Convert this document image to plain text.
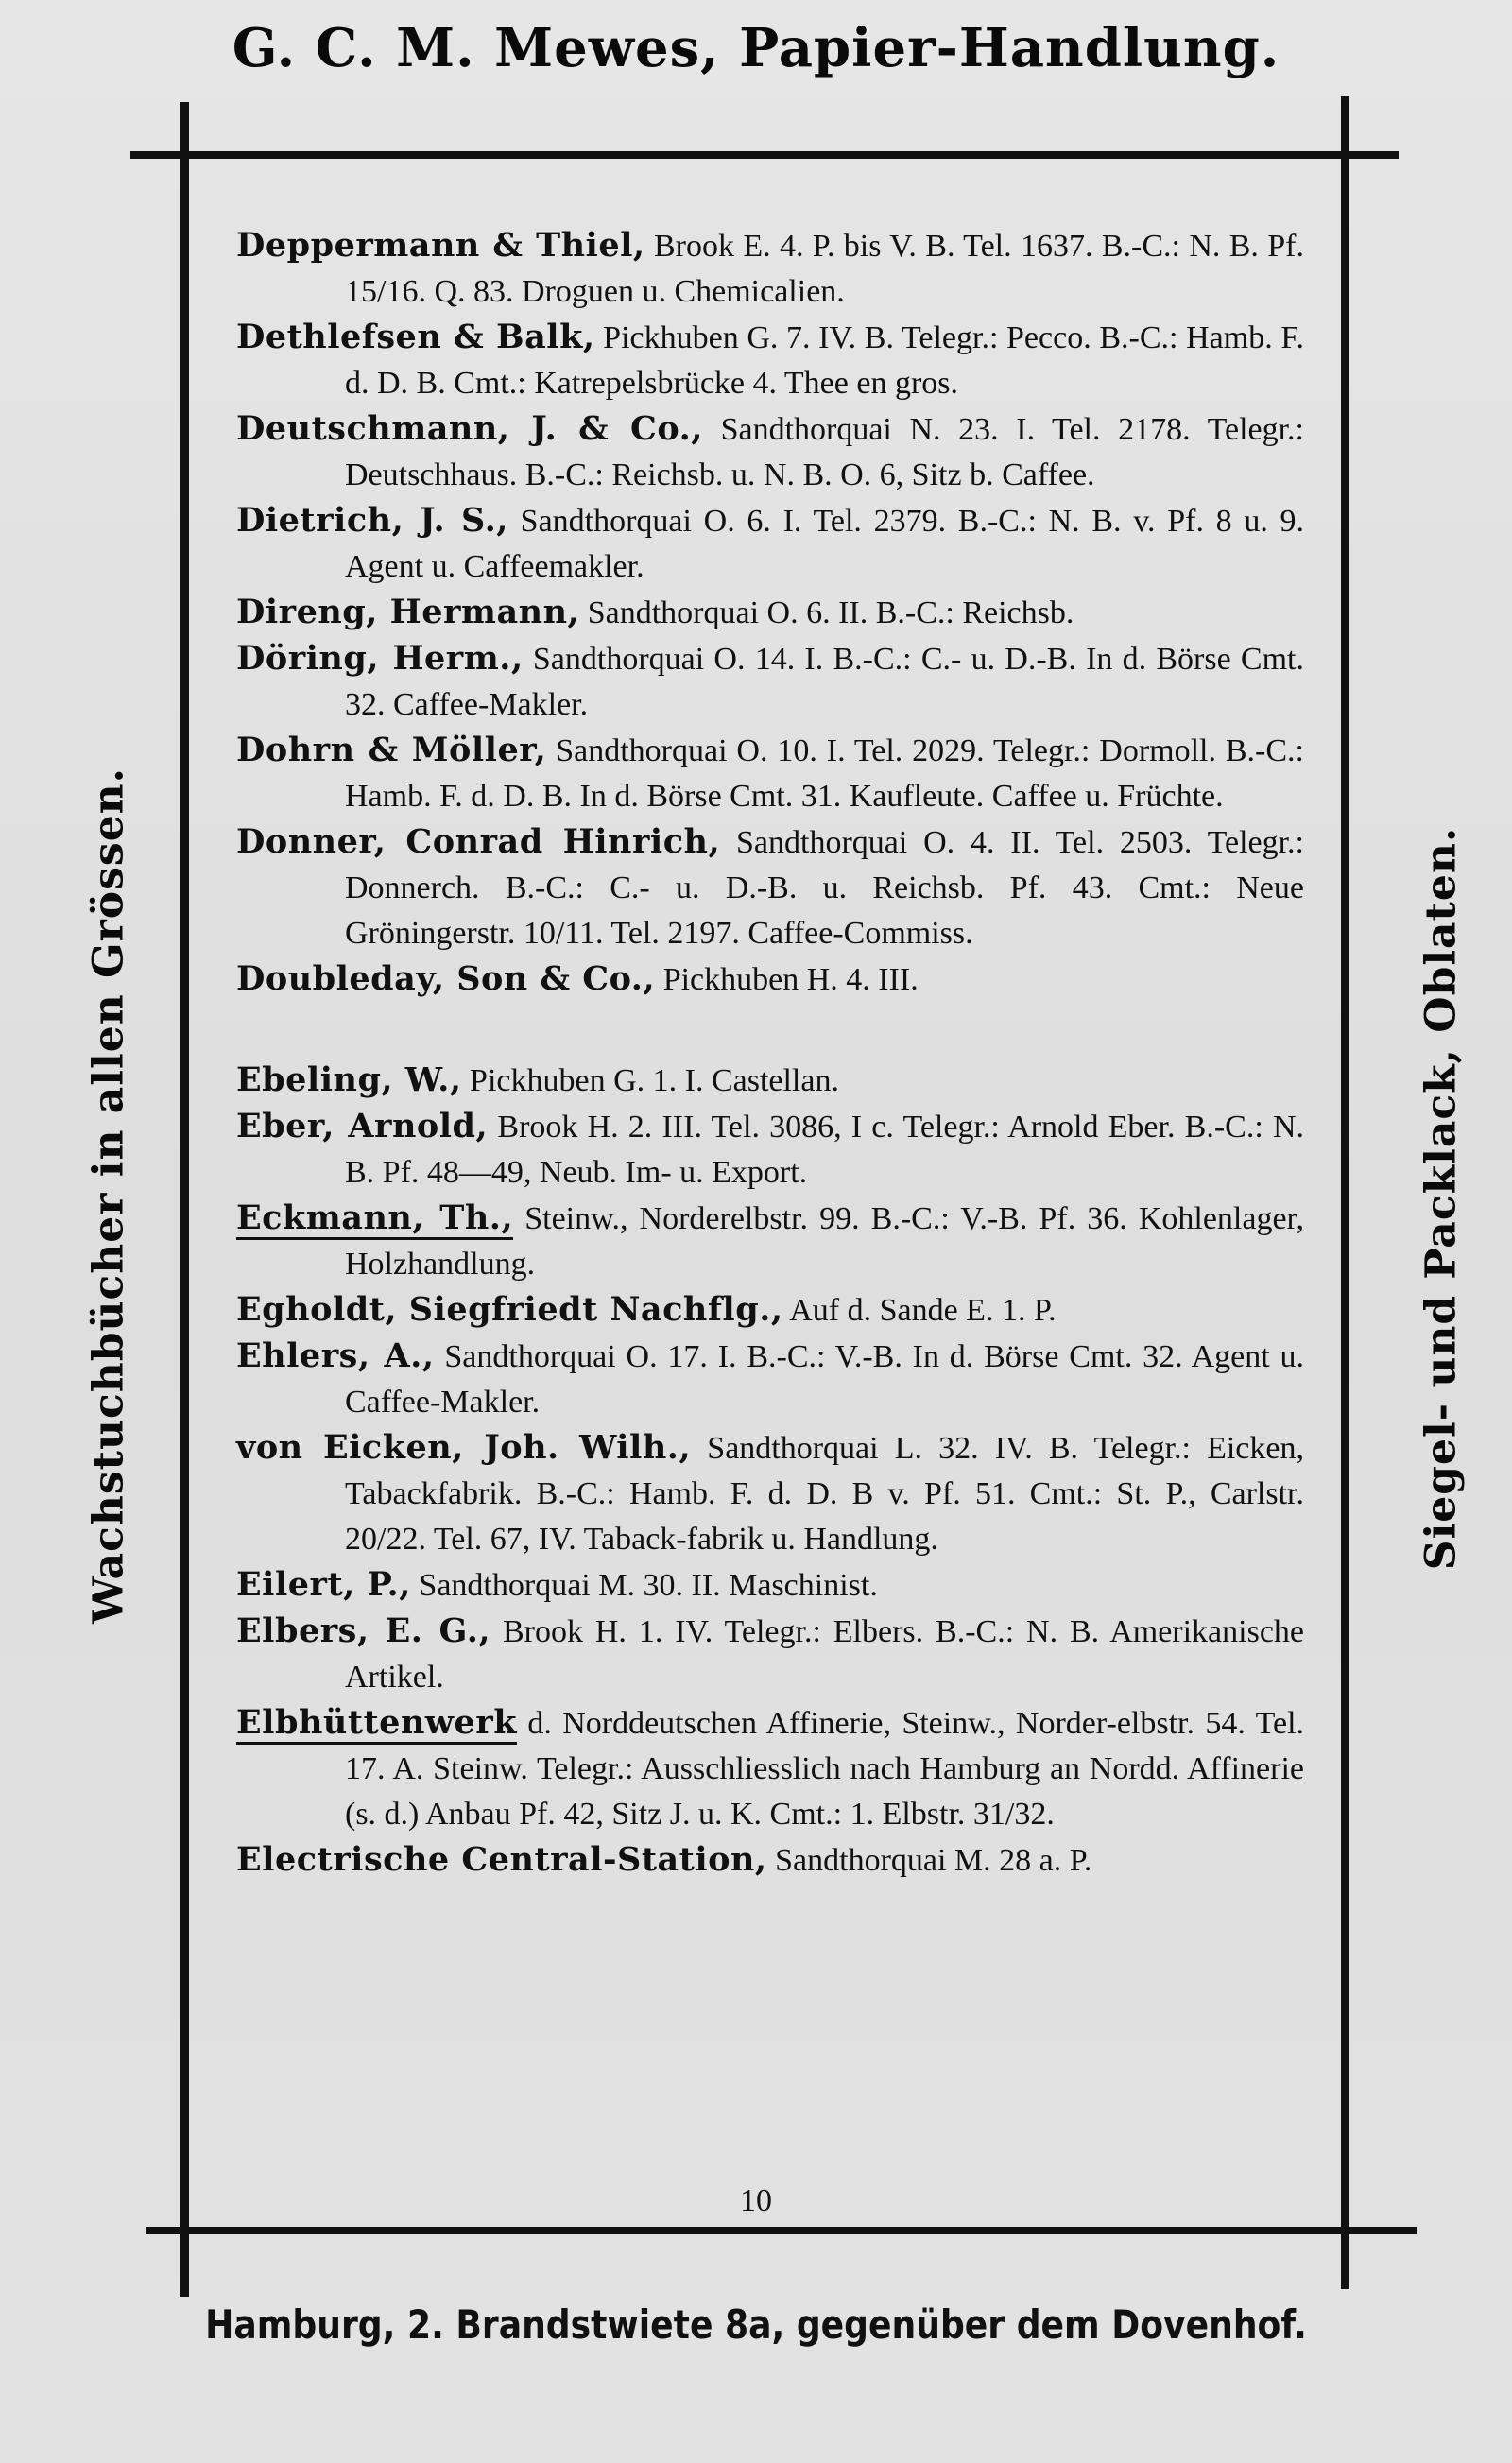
G. C. M. Mewes, Papier-Handlung.
Wachstuchbücher in allen Grössen.	Siegel- und Packlack, Oblaten.
Deppermann & Thiel, Brook E. 4. P. bis V. B. Tel. 1637. B.-C.: N. B. Pf. 15/16. Q. 83. Droguen u. Chemicalien.
Dethlefsen & Balk, Pickhuben G. 7. IV. B. Telegr.: Pecco. B.-C.: Hamb. F. d. D. B. Cmt.: Katrepelsbrücke 4. Thee en gros.
Deutschmann, J. & Co., Sandthorquai N. 23. I. Tel. 2178. Telegr.: Deutschhaus. B.-C.: Reichsb. u. N. B. O. 6, Sitz b. Caffee.
Dietrich, J. S., Sandthorquai O. 6. I. Tel. 2379. B.-C.: N. B. v. Pf. 8 u. 9. Agent u. Caffeemakler.
Direng, Hermann, Sandthorquai O. 6. II. B.-C.: Reichsb.
Döring, Herm., Sandthorquai O. 14. I. B.-C.: C.- u. D.-B. In d. Börse Cmt. 32. Caffee-Makler.
Dohrn & Möller, Sandthorquai O. 10. I. Tel. 2029. Telegr.: Dormoll. B.-C.: Hamb. F. d. D. B. In d. Börse Cmt. 31. Kaufleute. Caffee u. Früchte.
Donner, Conrad Hinrich, Sandthorquai O. 4. II. Tel. 2503. Telegr.: Donnerch. B.-C.: C.- u. D.-B. u. Reichsb. Pf. 43. Cmt.: Neue Gröningerstr. 10/11. Tel. 2197. Caffee-Commiss.
Doubleday, Son & Co., Pickhuben H. 4. III.
Ebeling, W., Pickhuben G. 1. I. Castellan.
Eber, Arnold, Brook H. 2. III. Tel. 3086, I c. Telegr.: Arnold Eber. B.-C.: N. B. Pf. 48—49, Neub. Im- u. Export.
Eckmann, Th., Steinw., Norderelbstr. 99. B.-C.: V.-B. Pf. 36. Kohlenlager, Holzhandlung.
Egholdt, Siegfriedt Nachflg., Auf d. Sande E. 1. P.
Ehlers, A., Sandthorquai O. 17. I. B.-C.: V.-B. In d. Börse Cmt. 32. Agent u. Caffee-Makler.
von Eicken, Joh. Wilh., Sandthorquai L. 32. IV. B. Telegr.: Eicken, Tabackfabrik. B.-C.: Hamb. F. d. D. B v. Pf. 51. Cmt.: St. P., Carlstr. 20/22. Tel. 67, IV. Taback-fabrik u. Handlung.
Eilert, P., Sandthorquai M. 30. II. Maschinist.
Elbers, E. G., Brook H. 1. IV. Telegr.: Elbers. B.-C.: N. B. Amerikanische Artikel.
Elbhüttenwerk d. Norddeutschen Affinerie, Steinw., Norder-elbstr. 54. Tel. 17. A. Steinw. Telegr.: Ausschliesslich nach Hamburg an Nordd. Affinerie (s. d.) Anbau Pf. 42, Sitz J. u. K. Cmt.: 1. Elbstr. 31/32.
Electrische Central-Station, Sandthorquai M. 28 a. P.
10
Hamburg, 2. Brandstwiete 8a, gegenüber dem Dovenhof.
